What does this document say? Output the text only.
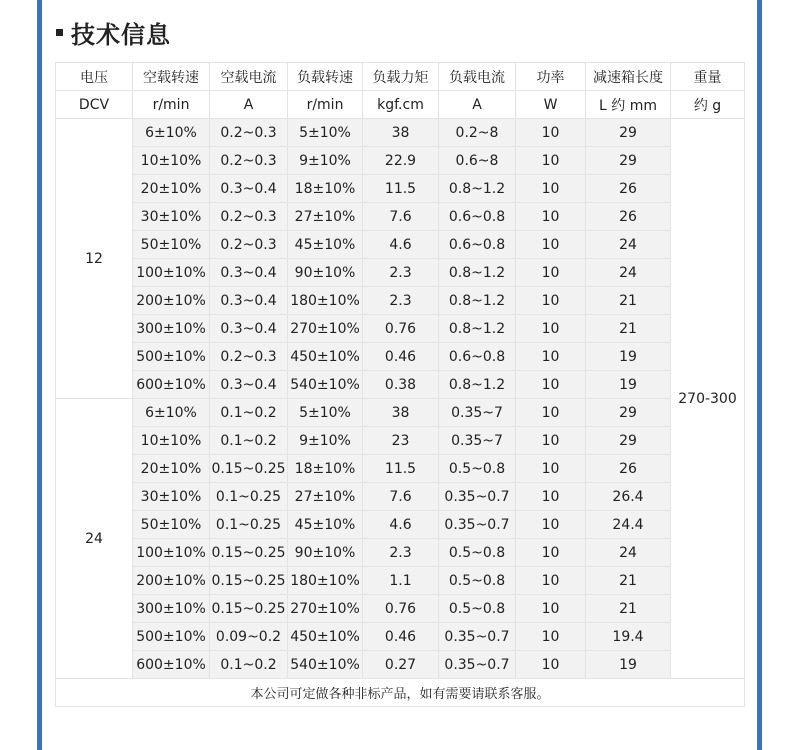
技术信息
电压	空载转速	空载电流	负载转速	负载力矩	负载电流	功率	减速箱长度	重量
DCV	r/min	A	r/min	kgf.cm	A	W	L 约 mm	约 g
12	6±10%	0.2~0.3	5±10%	38	0.2~8	10	29	270-300
	10±10%	0.2~0.3	9±10%	22.9	0.6~8	10	29	
	20±10%	0.3~0.4	18±10%	11.5	0.8~1.2	10	26	
	30±10%	0.2~0.3	27±10%	7.6	0.6~0.8	10	26	
	50±10%	0.2~0.3	45±10%	4.6	0.6~0.8	10	24	
	100±10%	0.3~0.4	90±10%	2.3	0.8~1.2	10	24	
	200±10%	0.3~0.4	180±10%	2.3	0.8~1.2	10	21	
	300±10%	0.3~0.4	270±10%	0.76	0.8~1.2	10	21	
	500±10%	0.2~0.3	450±10%	0.46	0.6~0.8	10	19	
	600±10%	0.3~0.4	540±10%	0.38	0.8~1.2	10	19	
24	6±10%	0.1~0.2	5±10%	38	0.35~7	10	29	
	10±10%	0.1~0.2	9±10%	23	0.35~7	10	29	
	20±10%	0.15~0.25	18±10%	11.5	0.5~0.8	10	26	
	30±10%	0.1~0.25	27±10%	7.6	0.35~0.7	10	26.4	
	50±10%	0.1~0.25	45±10%	4.6	0.35~0.7	10	24.4	
	100±10%	0.15~0.25	90±10%	2.3	0.5~0.8	10	24	
	200±10%	0.15~0.25	180±10%	1.1	0.5~0.8	10	21	
	300±10%	0.15~0.25	270±10%	0.76	0.5~0.8	10	21	
	500±10%	0.09~0.2	450±10%	0.46	0.35~0.7	10	19.4	
	600±10%	0.1~0.2	540±10%	0.27	0.35~0.7	10	19	
本公司可定做各种非标产品，如有需要请联系客服。								
